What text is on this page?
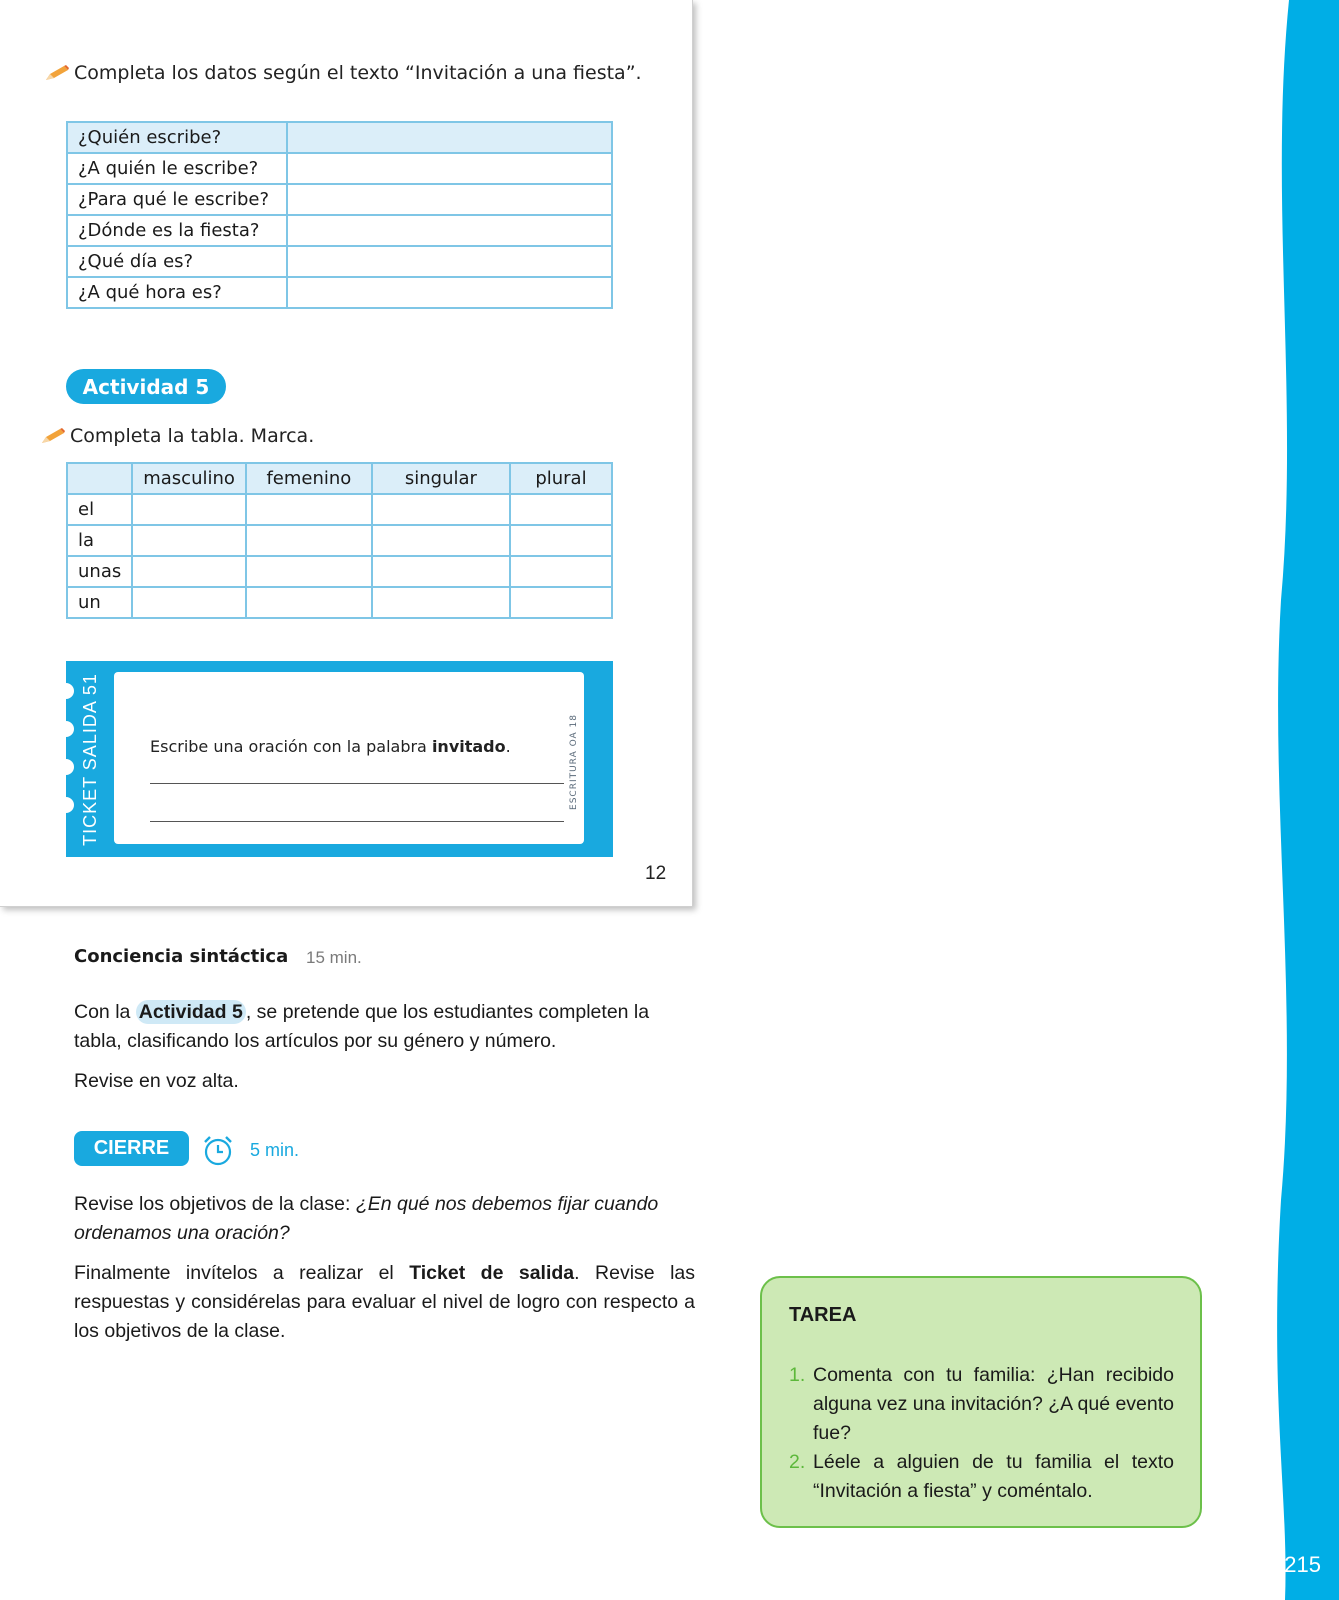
215
Completa los datos según el texto “Invitación a una fiesta”.
¿Quién escribe?	
¿A quién le escribe?	
¿Para qué le escribe?	
¿Dónde es la fiesta?	
¿Qué día es?	
¿A qué hora es?	
Actividad 5
Completa la tabla. Marca.
	masculino	femenino	singular	plural
el				
la				
unas				
un				
TICKET SALIDA 51	Escribe una oración con la palabra invitado.	ESCRITURA OA 18
12
Conciencia sintáctica 15 min.
Con la Actividad 5 , se pretende que los estudiantes completen la tabla, clasificando los artículos por su género y número.
Revise en voz alta.
CIERRE	5 min.
Revise los objetivos de la clase: ¿En qué nos debemos fijar cuando ordenamos una oración?
Finalmente invítelos a realizar el Ticket de salida. Revise las respuestas y considérelas para evaluar el nivel de logro con respecto a los objetivos de la clase.
TAREA
1. Comenta con tu familia: ¿Han recibido alguna vez una invitación? ¿A qué evento fue?
2. Léele a alguien de tu familia el texto “Invitación a fiesta” y coméntalo.
